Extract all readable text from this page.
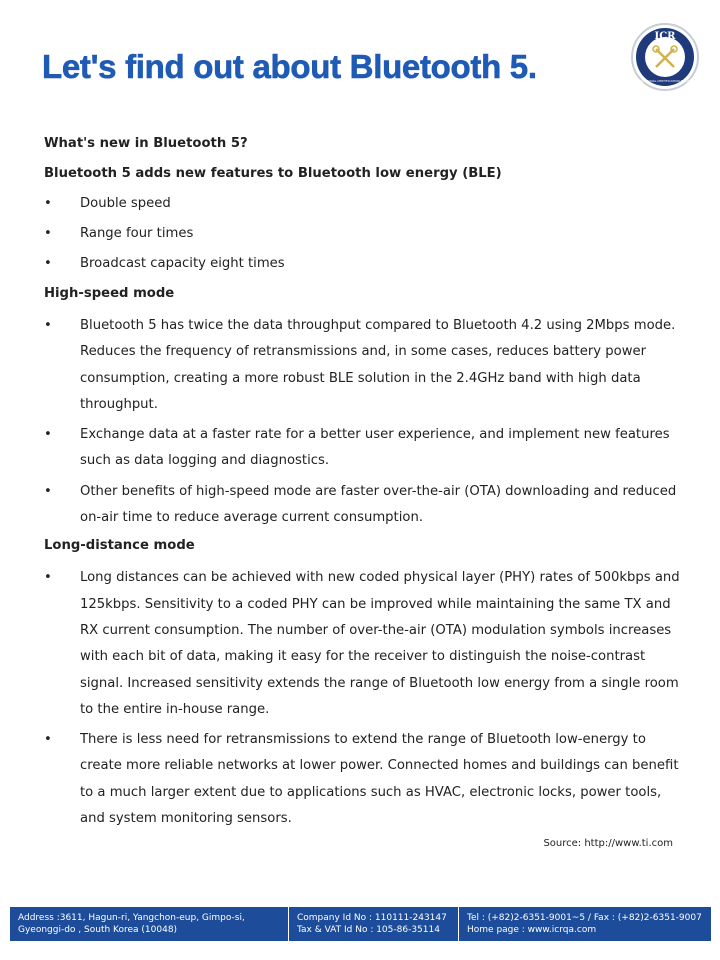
Let's find out about Bluetooth 5.
ICR
INTERNATIONAL CERTIFICATION REGISTRAR
What's new in Bluetooth 5?
Bluetooth 5 adds new features to Bluetooth low energy (BLE)
• Double speed
• Range four times
• Broadcast capacity eight times
High-speed mode
• Bluetooth 5 has twice the data throughput compared to Bluetooth 4.2 using 2Mbps mode. Reduces the frequency of retransmissions and, in some cases, reduces battery power consumption, creating a more robust BLE solution in the 2.4GHz band with high data throughput.
• Exchange data at a faster rate for a better user experience, and implement new features such as data logging and diagnostics.
• Other benefits of high-speed mode are faster over-the-air (OTA) downloading and reduced on-air time to reduce average current consumption.
Long-distance mode
• Long distances can be achieved with new coded physical layer (PHY) rates of 500kbps and 125kbps. Sensitivity to a coded PHY can be improved while maintaining the same TX and RX current consumption. The number of over-the-air (OTA) modulation symbols increases with each bit of data, making it easy for the receiver to distinguish the noise-contrast signal. Increased sensitivity extends the range of Bluetooth low energy from a single room to the entire in-house range.
• There is less need for retransmissions to extend the range of Bluetooth low-energy to create more reliable networks at lower power. Connected homes and buildings can benefit to a much larger extent due to applications such as HVAC, electronic locks, power tools, and system monitoring sensors.
Source: http://www.ti.com
Address :3611, Hagun-ri, Yangchon-eup, Gimpo-si,
Gyeonggi-do , South Korea (10048)
Company Id No : 110111-243147
Tax & VAT Id No : 105-86-35114
Tel : (+82)2-6351-9001~5 / Fax : (+82)2-6351-9007
Home page : www.icrqa.com
